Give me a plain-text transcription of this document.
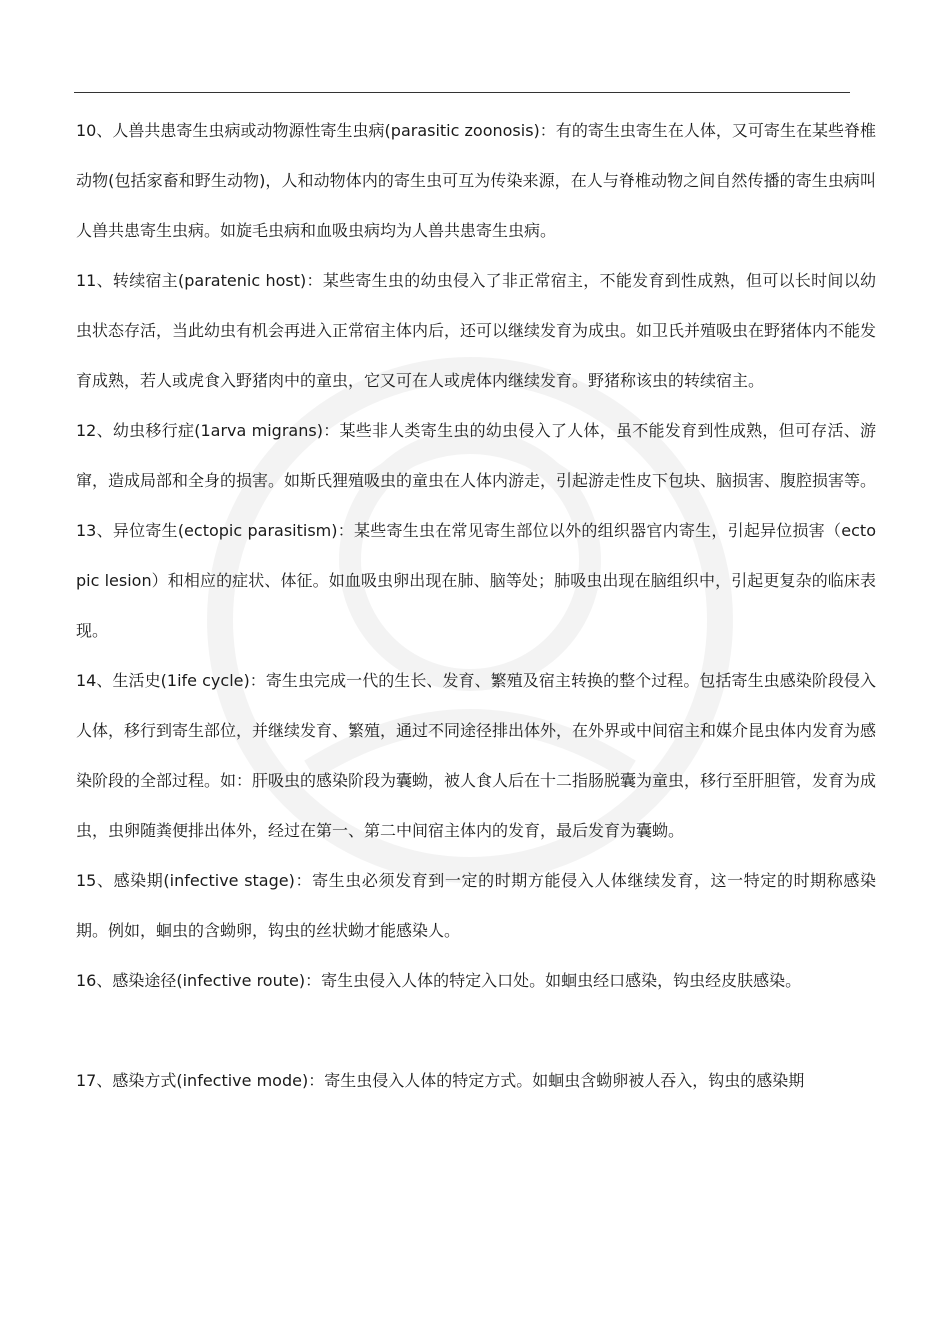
10、人兽共患寄生虫病或动物源性寄生虫病(parasitic zoonosis)：有的寄生虫寄生在人体，又可寄生在某些脊椎动物(包括家畜和野生动物)，人和动物体内的寄生虫可互为传染来源，在人与脊椎动物之间自然传播的寄生虫病叫人兽共患寄生虫病。如旋毛虫病和血吸虫病均为人兽共患寄生虫病。

11、转续宿主(paratenic host)：某些寄生虫的幼虫侵入了非正常宿主，不能发育到性成熟，但可以长时间以幼虫状态存活，当此幼虫有机会再进入正常宿主体内后，还可以继续发育为成虫。如卫氏并殖吸虫在野猪体内不能发育成熟，若人或虎食入野猪肉中的童虫，它又可在人或虎体内继续发育。野猪称该虫的转续宿主。

12、幼虫移行症(1arva migrans)：某些非人类寄生虫的幼虫侵入了人体，虽不能发育到性成熟，但可存活、游窜，造成局部和全身的损害。如斯氏狸殖吸虫的童虫在人体内游走，引起游走性皮下包块、脑损害、腹腔损害等。

13、异位寄生(ectopic parasitism)：某些寄生虫在常见寄生部位以外的组织器官内寄生，引起异位损害（ectopic lesion）和相应的症状、体征。如血吸虫卵出现在肺、脑等处；肺吸虫出现在脑组织中，引起更复杂的临床表现。

14、生活史(1ife cycle)：寄生虫完成一代的生长、发育、繁殖及宿主转换的整个过程。包括寄生虫感染阶段侵入人体，移行到寄生部位，并继续发育、繁殖，通过不同途径排出体外，在外界或中间宿主和媒介昆虫体内发育为感染阶段的全部过程。如：肝吸虫的感染阶段为囊蚴，被人食人后在十二指肠脱囊为童虫，移行至肝胆管，发育为成虫，虫卵随粪便排出体外，经过在第一、第二中间宿主体内的发育，最后发育为囊蚴。

15、感染期(infective stage)：寄生虫必须发育到一定的时期方能侵入人体继续发育，这一特定的时期称感染期。例如，蛔虫的含蚴卵，钩虫的丝状蚴才能感染人。

16、感染途径(infective route)：寄生虫侵入人体的特定入口处。如蛔虫经口感染，钩虫经皮肤感染。

17、感染方式(infective mode)：寄生虫侵入人体的特定方式。如蛔虫含蚴卵被人吞入，钩虫的感染期
